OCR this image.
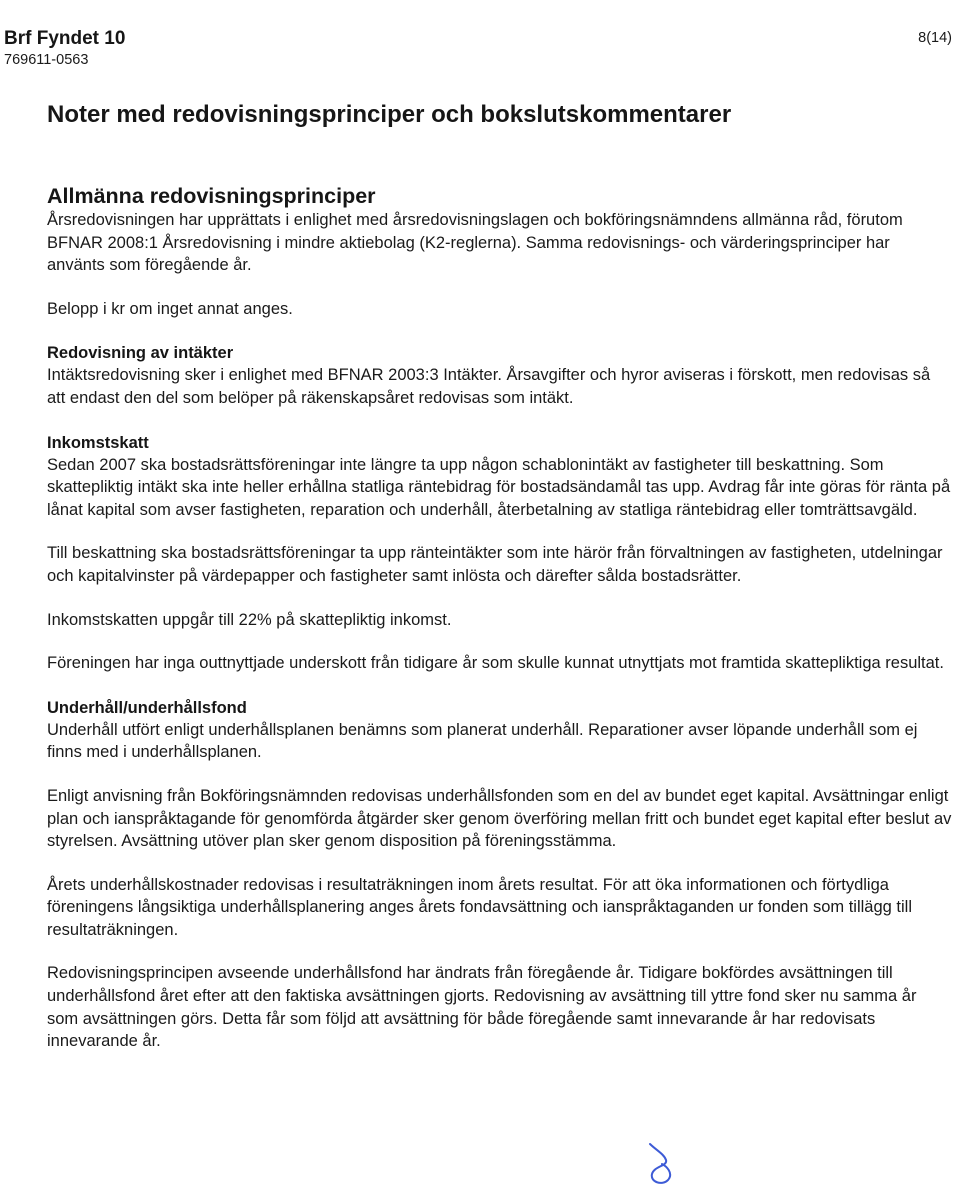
Brf Fyndet 10
769611-0563
8(14)
Noter med redovisningsprinciper och bokslutskommentarer
Allmänna redovisningsprinciper

Årsredovisningen har upprättats i enlighet med årsredovisningslagen och bokföringsnämndens allmänna råd, förutom BFNAR 2008:1 Årsredovisning i mindre aktiebolag (K2-reglerna). Samma redovisnings- och värderingsprinciper har använts som föregående år.

Belopp i kr om inget annat anges.

Redovisning av intäkter

Intäktsredovisning sker i enlighet med BFNAR 2003:3 Intäkter. Årsavgifter och hyror aviseras i förskott, men redovisas så att endast den del som belöper på räkenskapsåret redovisas som intäkt.

Inkomstskatt

Sedan 2007 ska bostadsrättsföreningar inte längre ta upp någon schablonintäkt av fastigheter till beskattning. Som skattepliktig intäkt ska inte heller erhållna statliga räntebidrag för bostadsändamål tas upp. Avdrag får inte göras för ränta på lånat kapital som avser fastigheten, reparation och underhåll, återbetalning av statliga räntebidrag eller tomträttsavgäld.

Till beskattning ska bostadsrättsföreningar ta upp ränteintäkter som inte härör från förvaltningen av fastigheten, utdelningar och kapitalvinster på värdepapper och fastigheter samt inlösta och därefter sålda bostadsrätter.

Inkomstskatten uppgår till 22% på skattepliktig inkomst.

Föreningen har inga outtnyttjade underskott från tidigare år som skulle kunnat utnyttjats mot framtida skattepliktiga resultat.

Underhåll/underhållsfond

Underhåll utfört enligt underhållsplanen benämns som planerat underhåll. Reparationer avser löpande underhåll som ej finns med i underhållsplanen.

Enligt anvisning från Bokföringsnämnden redovisas underhållsfonden som en del av bundet eget kapital. Avsättningar enligt plan och ianspråktagande för genomförda åtgärder sker genom överföring mellan fritt och bundet eget kapital efter beslut av styrelsen. Avsättning utöver plan sker genom disposition på föreningsstämma.

Årets underhållskostnader redovisas i resultaträkningen inom årets resultat. För att öka informationen och förtydliga föreningens långsiktiga underhållsplanering anges årets fondavsättning och ianspråktaganden ur fonden som tillägg till resultaträkningen.

Redovisningsprincipen avseende underhållsfond har ändrats från föregående år. Tidigare bokfördes avsättningen till underhållsfond året efter att den faktiska avsättningen gjorts. Redovisning av avsättning till yttre fond sker nu samma år som avsättningen görs. Detta får som följd att avsättning för både föregående samt innevarande år har redovisats innevarande år.
